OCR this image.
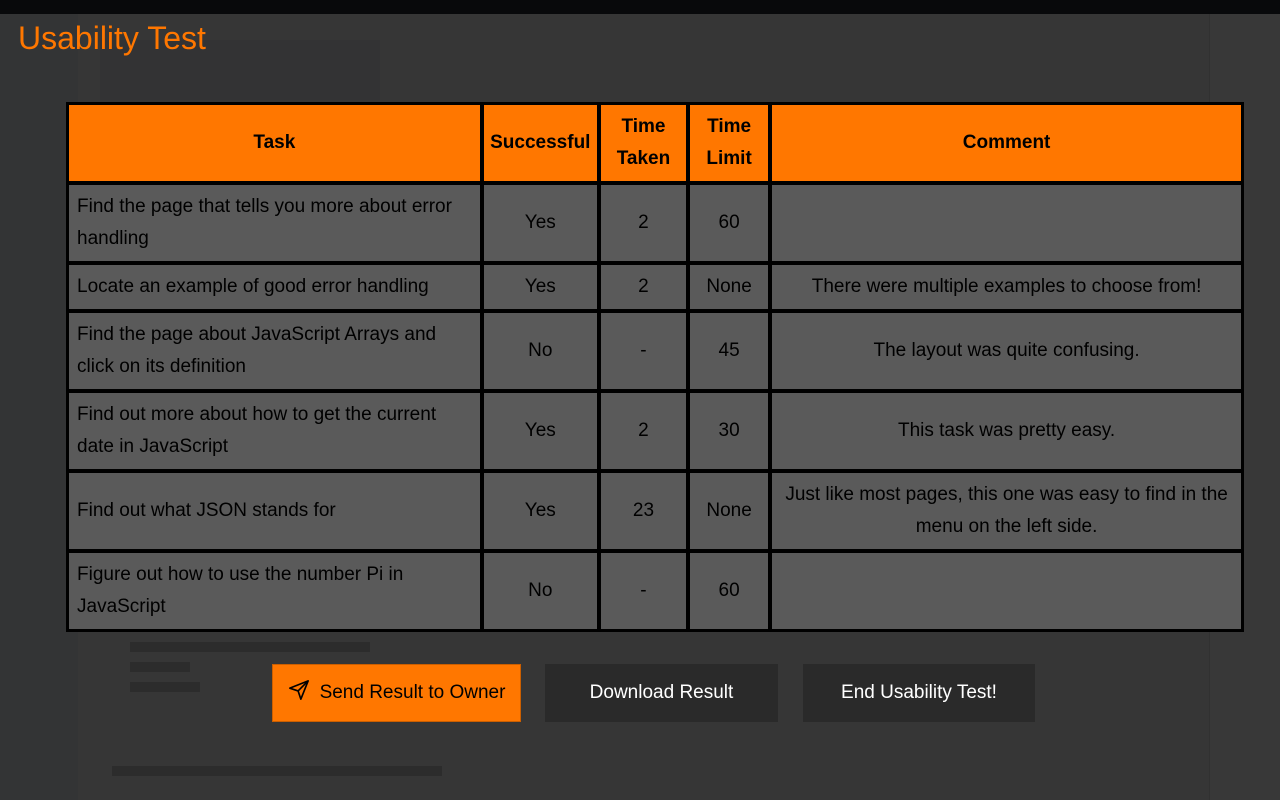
Usability Test
Task	Successful	Time Taken	Time Limit	Comment
Find the page that tells you more about error handling	Yes	2	60	
Locate an example of good error handling	Yes	2	None	There were multiple examples to choose from!
Find the page about JavaScript Arrays and click on its definition	No	-	45	The layout was quite confusing.
Find out more about how to get the current date in JavaScript	Yes	2	30	This task was pretty easy.
Find out what JSON stands for	Yes	23	None	Just like most pages, this one was easy to find in the menu on the left side.
Figure out how to use the number Pi in JavaScript	No	-	60	
Send Result to Owner	Download Result	End Usability Test!
